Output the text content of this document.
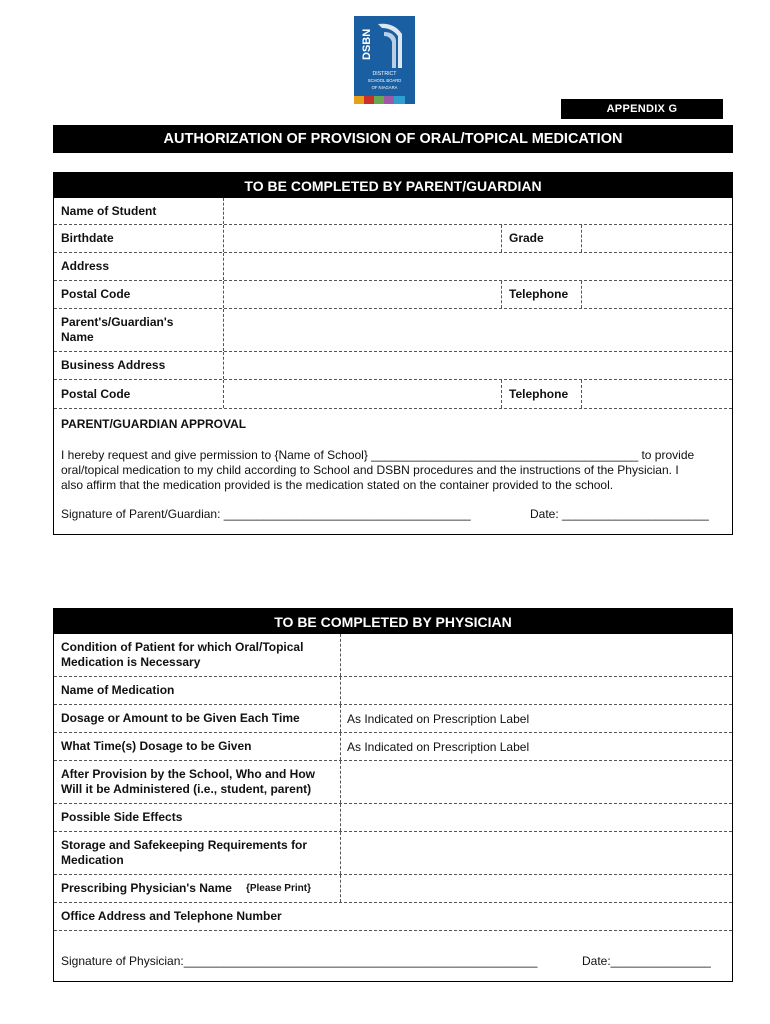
DSBN
DISTRICT
SCHOOL BOARD
OF NIAGARA
APPENDIX G
AUTHORIZATION OF PROVISION OF ORAL/TOPICAL MEDICATION
TO BE COMPLETED BY PARENT/GUARDIAN
Name of Student
Birthdate	Grade
Address
Postal Code	Telephone
Parent's/Guardian's
Name
Business Address
Postal Code	Telephone
PARENT/GUARDIAN APPROVAL
I hereby request and give permission to {Name of School} ________________________________________ to provide
oral/topical medication to my child according to School and DSBN procedures and the instructions of the Physician. I
also affirm that the medication provided is the medication stated on the container provided to the school.
Signature of Parent/Guardian: _____________________________________	Date: ______________________
TO BE COMPLETED BY PHYSICIAN
Condition of Patient for which Oral/Topical
Medication is Necessary
Name of Medication
Dosage or Amount to be Given Each Time	As Indicated on Prescription Label
What Time(s) Dosage to be Given	As Indicated on Prescription Label
After Provision by the School, Who and How
Will it be Administered (i.e., student, parent)
Possible Side Effects
Storage and Safekeeping Requirements for
Medication
Prescribing Physician's Name {Please Print}
Office Address and Telephone Number
Signature of Physician:_____________________________________________________	Date:_______________
